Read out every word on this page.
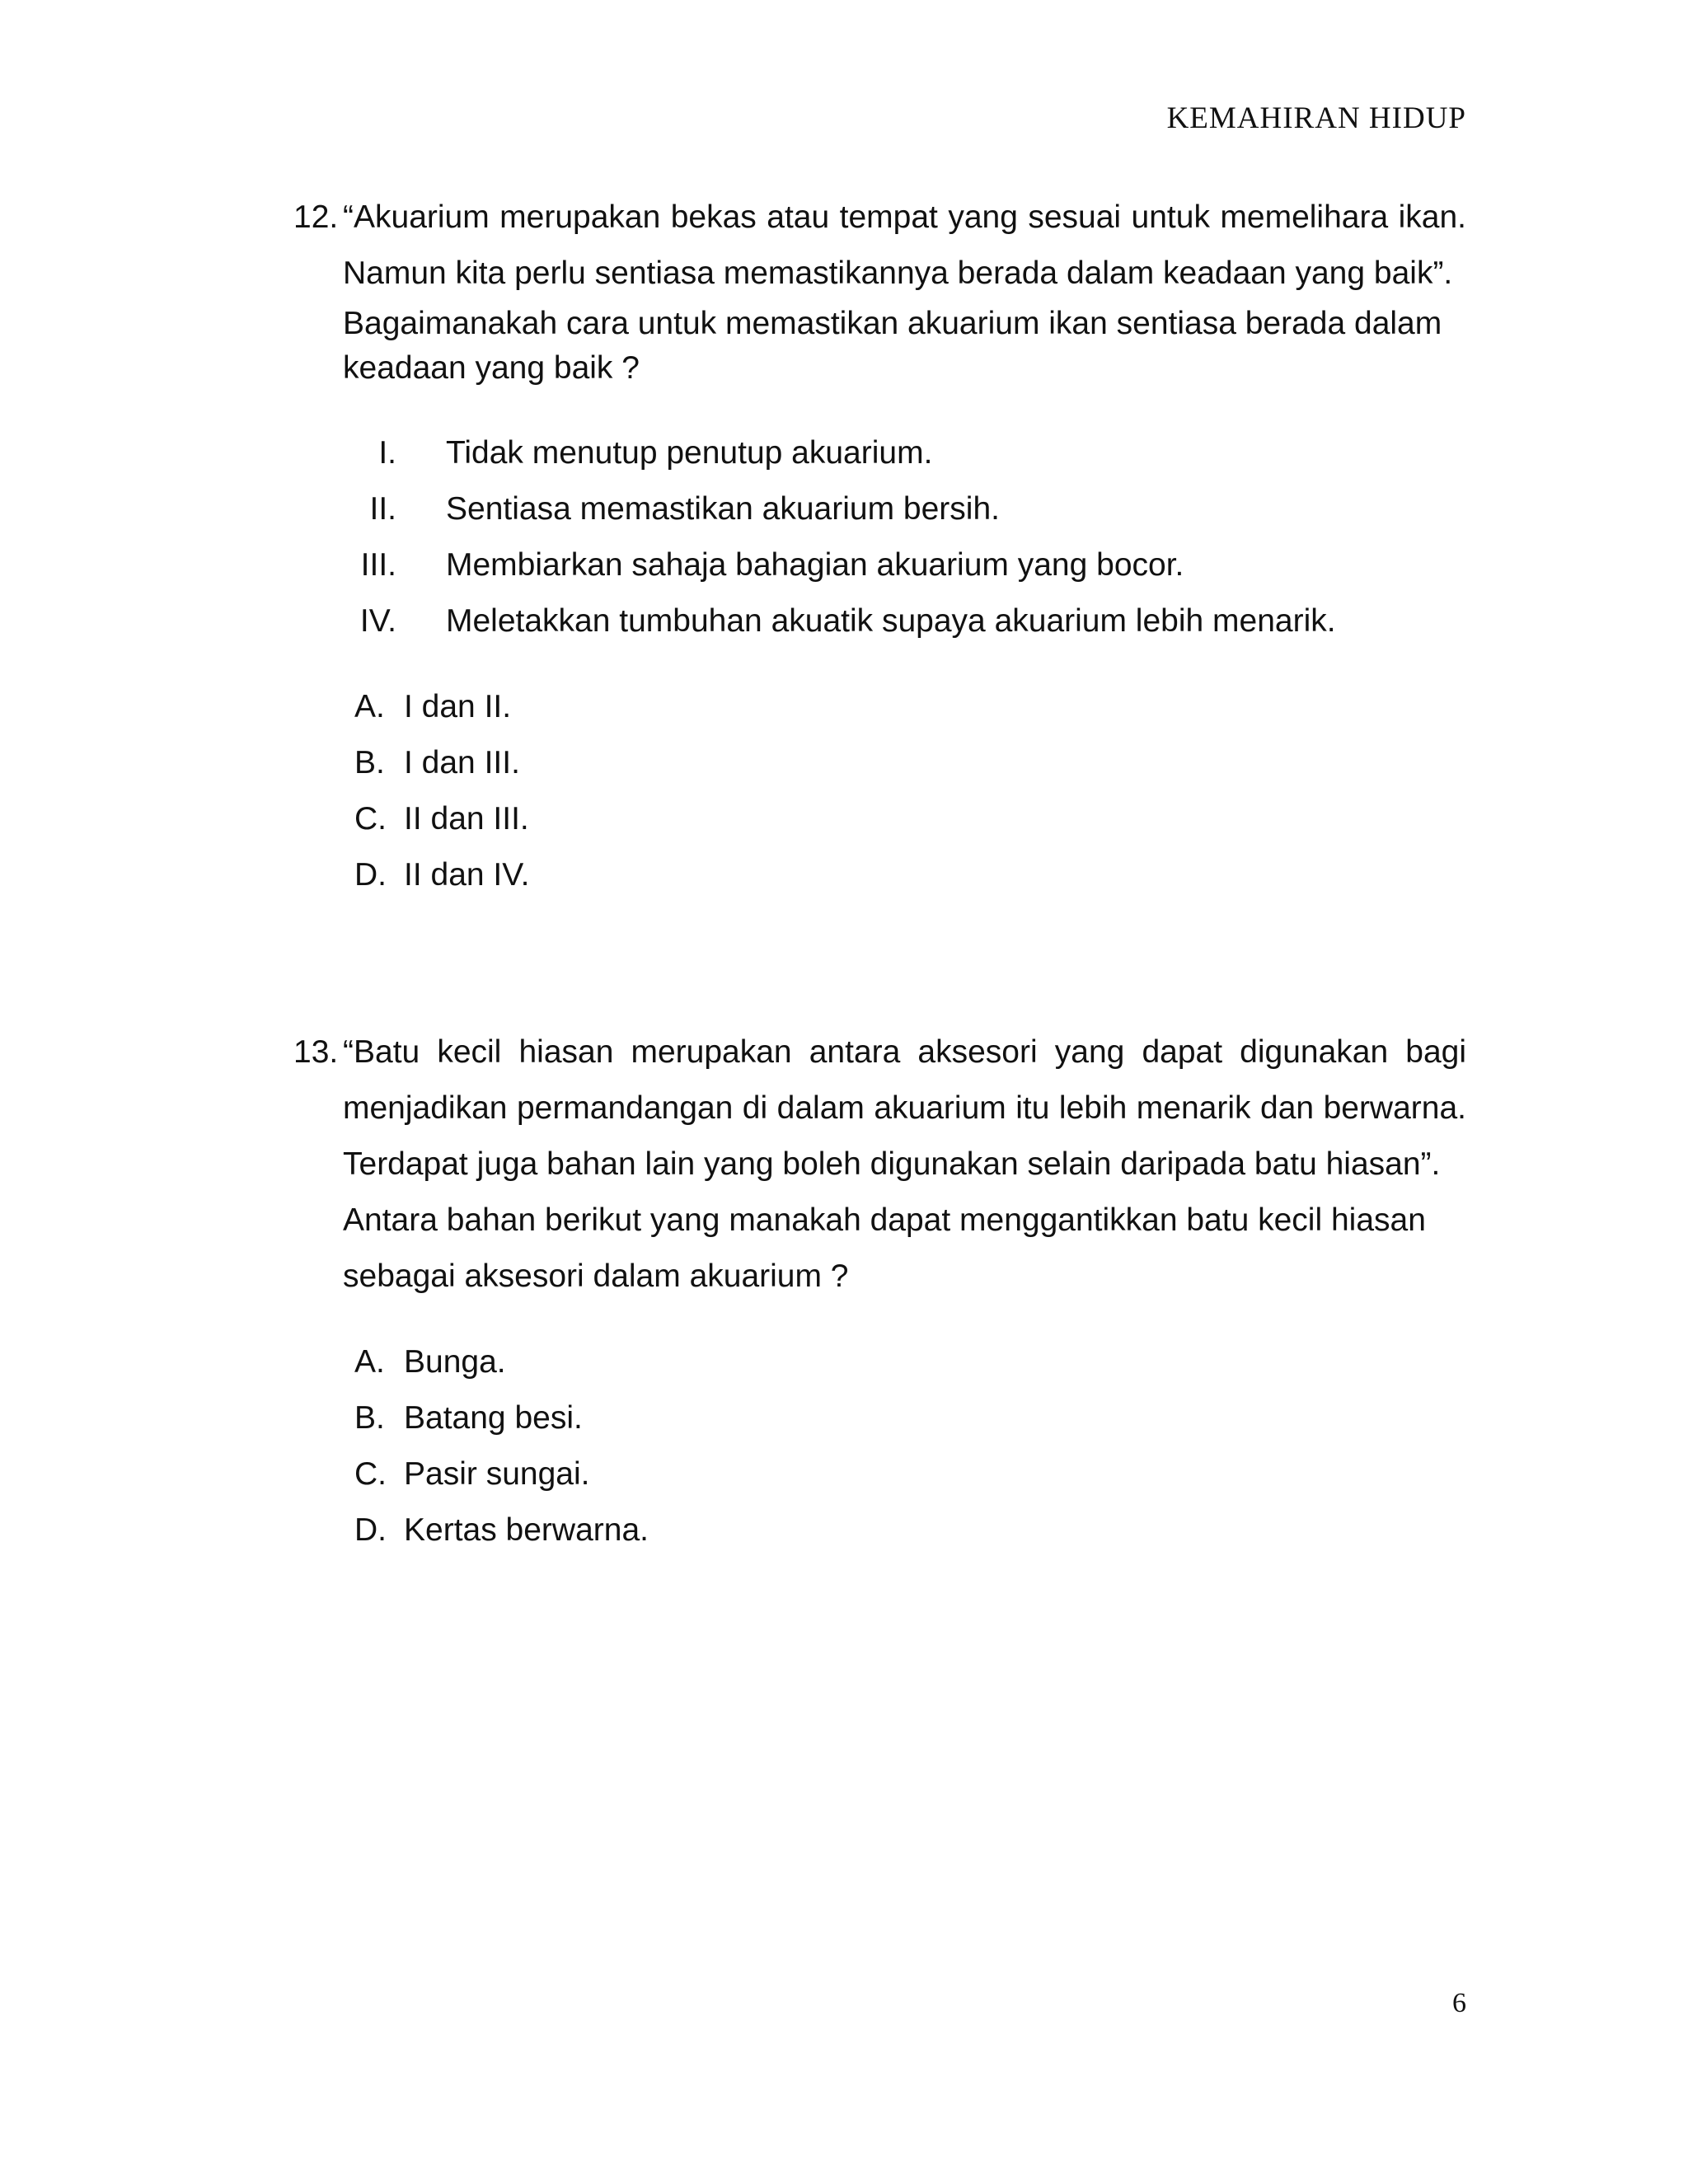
KEMAHIRAN HIDUP
12. “Akuarium merupakan bekas atau tempat yang sesuai untuk memelihara ikan. Namun kita perlu sentiasa memastikannya berada dalam keadaan yang baik”.

Bagaimanakah cara untuk memastikan akuarium ikan sentiasa berada dalam keadaan yang baik ?

I. Tidak menutup penutup akuarium.
II. Sentiasa memastikan akuarium bersih.
III. Membiarkan sahaja bahagian akuarium yang bocor.
IV. Meletakkan tumbuhan akuatik supaya akuarium lebih menarik.
A. I dan II.
B. I dan III.
C. II dan III.
D. II dan IV.
13. “Batu kecil hiasan merupakan antara aksesori yang dapat digunakan bagi menjadikan permandangan di dalam akuarium itu lebih menarik dan berwarna. Terdapat juga bahan lain yang boleh digunakan selain daripada batu hiasan”.

Antara bahan berikut yang manakah dapat menggantikkan batu kecil hiasan sebagai aksesori dalam akuarium ?

A. Bunga.
B. Batang besi.
C. Pasir sungai.
D. Kertas berwarna.
6
